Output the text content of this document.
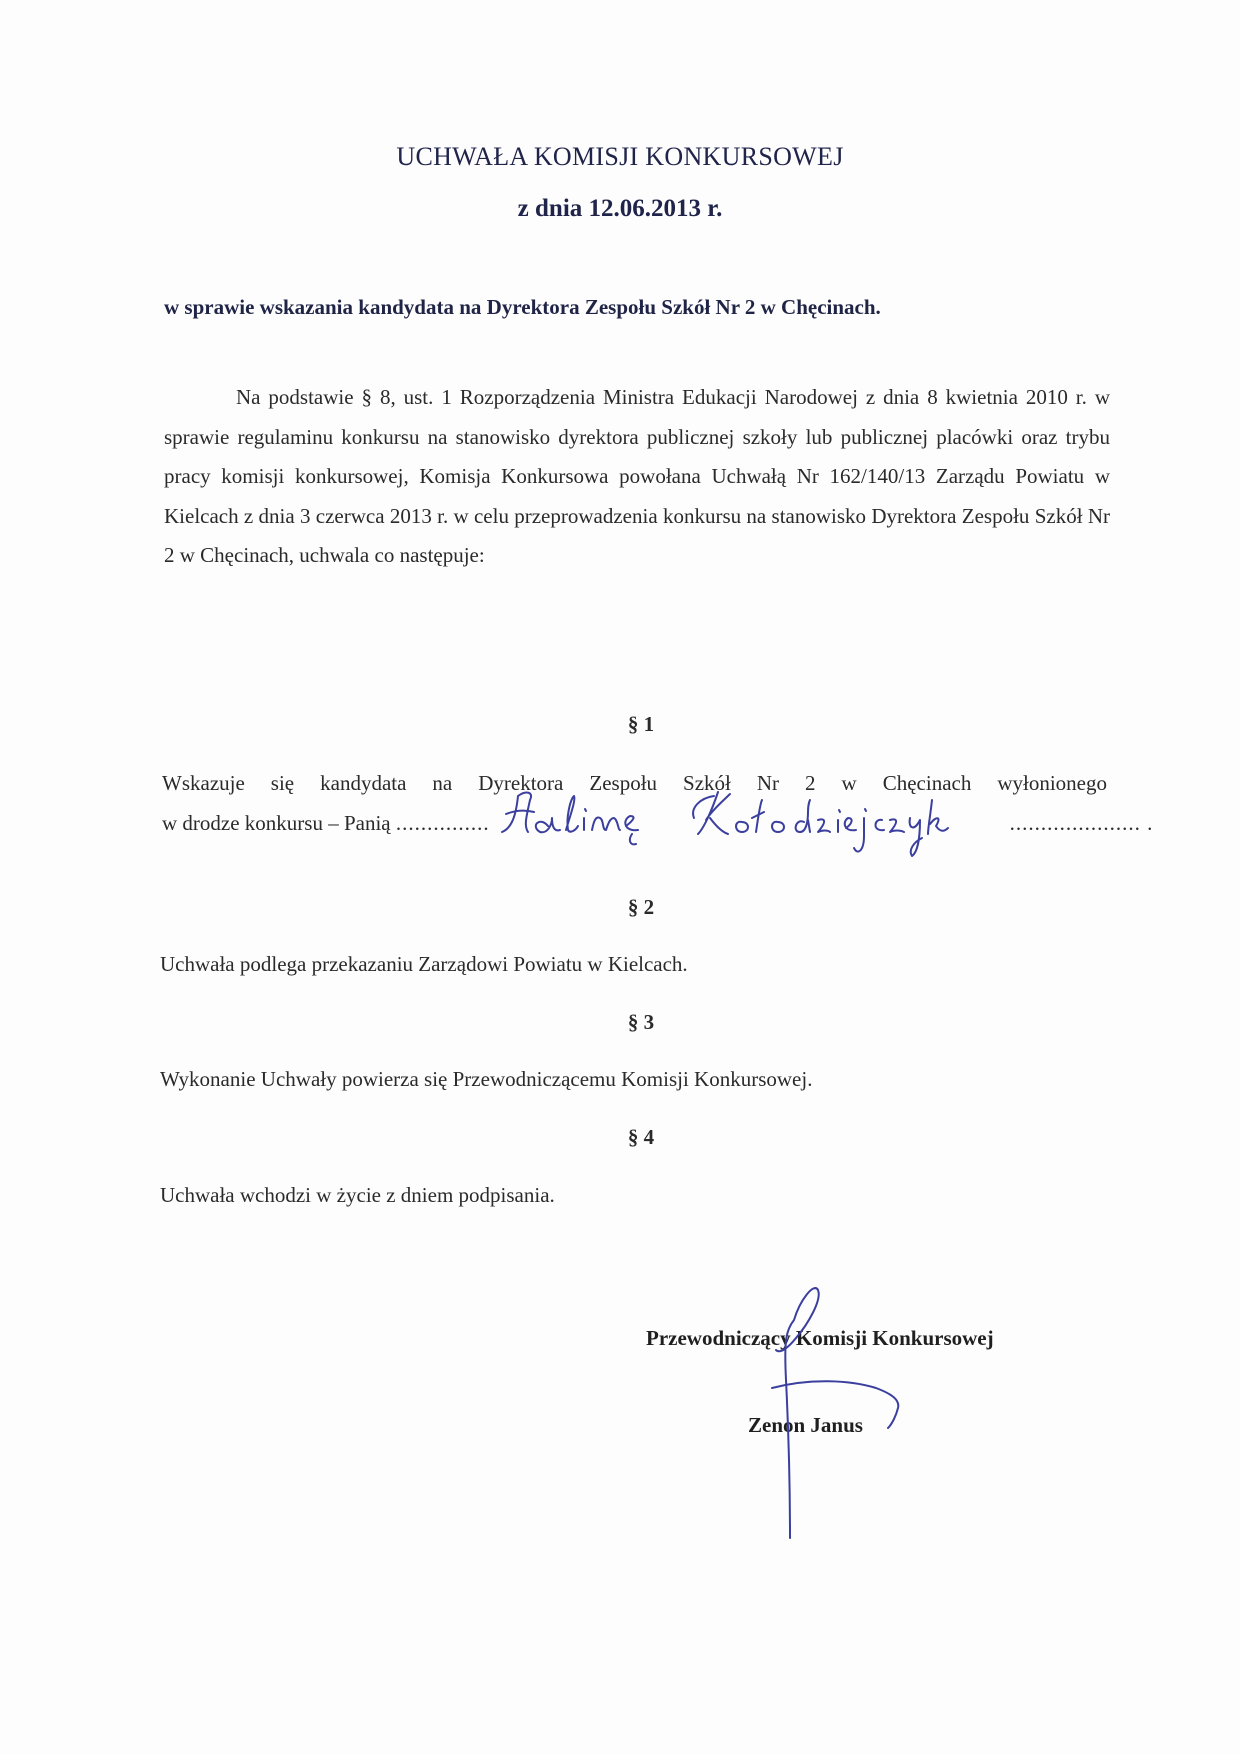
UCHWAŁA KOMISJI KONKURSOWEJ
z dnia 12.06.2013 r.
w sprawie wskazania kandydata na Dyrektora Zespołu Szkół Nr 2 w Chęcinach.
Na podstawie § 8, ust. 1 Rozporządzenia Ministra Edukacji Narodowej z dnia 8 kwietnia 2010 r. w sprawie regulaminu konkursu na stanowisko dyrektora publicznej szkoły lub publicznej placówki oraz trybu pracy komisji konkursowej, Komisja Konkursowa powołana Uchwałą Nr 162/140/13 Zarządu Powiatu w Kielcach z dnia 3 czerwca 2013 r. w celu przeprowadzenia konkursu na stanowisko Dyrektora Zespołu Szkół Nr 2 w Chęcinach, uchwala co następuje:
§ 1
Wskazuje się kandydata na Dyrektora Zespołu Szkół Nr 2 w Chęcinach wyłonionego
w drodze konkursu – Panią ...............	..................... .
§ 2
Uchwała podlega przekazaniu Zarządowi Powiatu w Kielcach.
§ 3
Wykonanie Uchwały powierza się Przewodniczącemu Komisji Konkursowej.
§ 4
Uchwała wchodzi w życie z dniem podpisania.
Przewodniczący Komisji Konkursowej
Zenon Janus
